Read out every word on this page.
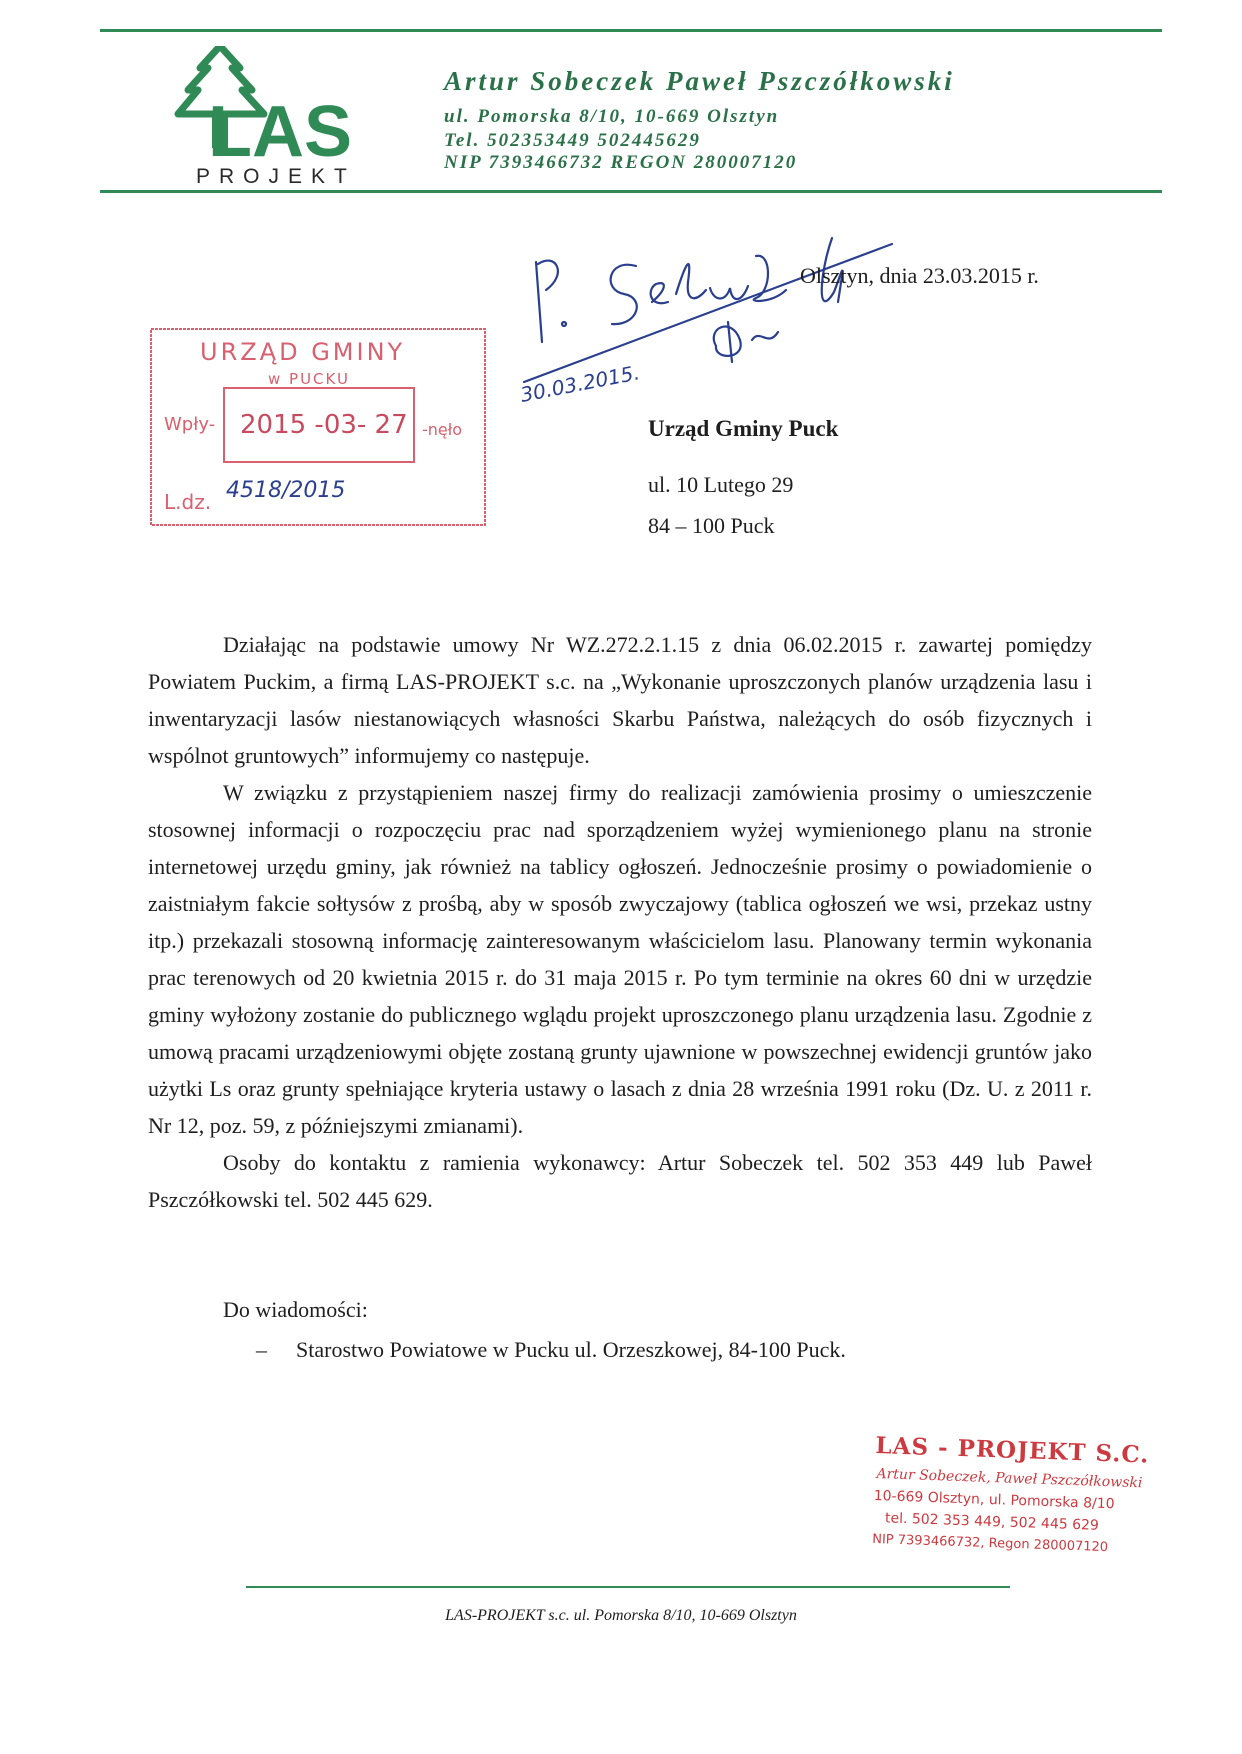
LAS
PROJEKT
Artur Sobeczek Paweł Pszczółkowski
ul. Pomorska 8/10, 10-669 Olsztyn
Tel. 502353449 502445629
NIP 7393466732 REGON 280007120
30.03.2015.
Olsztyn, dnia 23.03.2015 r.
URZĄD GMINY
w PUCKU
Wpły- 2015 -03- 27 -nęło
L.dz. 4518/2015
Urząd Gminy Puck
ul. 10 Lutego 29
84 – 100 Puck

Działając na podstawie umowy Nr WZ.272.2.1.15 z dnia 06.02.2015 r. zawartej pomiędzy Powiatem Puckim, a firmą LAS-PROJEKT s.c. na „Wykonanie uproszczonych planów urządzenia lasu i inwentaryzacji lasów niestanowiących własności Skarbu Państwa, należących do osób fizycznych i wspólnot gruntowych” informujemy co następuje.

W związku z przystąpieniem naszej firmy do realizacji zamówienia prosimy o umieszczenie stosownej informacji o rozpoczęciu prac nad sporządzeniem wyżej wymienionego planu na stronie internetowej urzędu gminy, jak również na tablicy ogłoszeń. Jednocześnie prosimy o powiadomienie o zaistniałym fakcie sołtysów z prośbą, aby w sposób zwyczajowy (tablica ogłoszeń we wsi, przekaz ustny itp.) przekazali stosowną informację zainteresowanym właścicielom lasu. Planowany termin wykonania prac terenowych od 20 kwietnia 2015 r. do 31 maja 2015 r. Po tym terminie na okres 60 dni w urzędzie gminy wyłożony zostanie do publicznego wglądu projekt uproszczonego planu urządzenia lasu. Zgodnie z umową pracami urządzeniowymi objęte zostaną grunty ujawnione w powszechnej ewidencji gruntów jako użytki Ls oraz grunty spełniające kryteria ustawy o lasach z dnia 28 września 1991 roku (Dz. U. z 2011 r. Nr 12, poz. 59, z późniejszymi zmianami).

Osoby do kontaktu z ramienia wykonawcy: Artur Sobeczek tel. 502 353 449 lub Paweł Pszczółkowski tel. 502 445 629.

Do wiadomości:
– Starostwo Powiatowe w Pucku ul. Orzeszkowej, 84-100 Puck.
LAS - PROJEKT S.C.
Artur Sobeczek, Paweł Pszczółkowski
10-669 Olsztyn, ul. Pomorska 8/10
tel. 502 353 449, 502 445 629
NIP 7393466732, Regon 280007120
LAS-PROJEKT s.c. ul. Pomorska 8/10, 10-669 Olsztyn
